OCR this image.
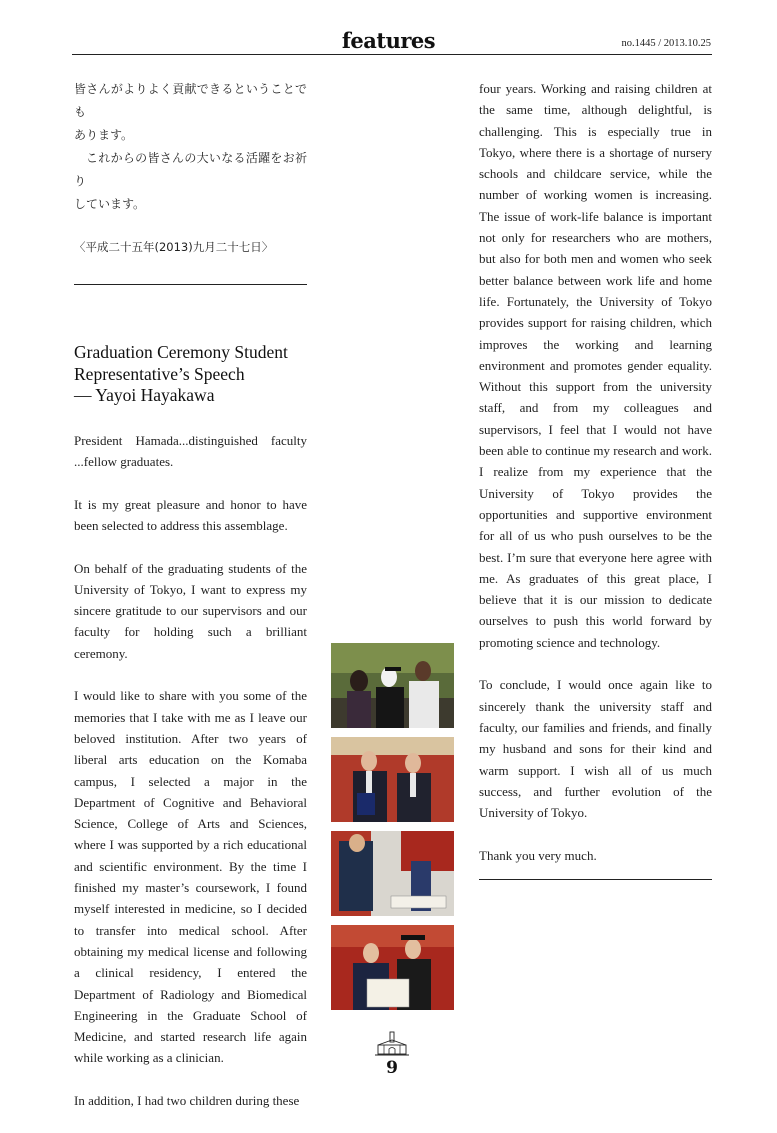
features	no.1445 / 2013.10.25
皆さんがよりよく貢献できるということでも
あります。
これからの皆さんの大いなる活躍をお祈り
しています。
〈平成二十五年(2013)九月二十七日〉
Graduation Ceremony Student
Representative’s Speech
— Yayoi Hayakawa

President Hamada...distinguished faculty ...fellow graduates.

It is my great pleasure and honor to have been selected to address this assemblage.

On behalf of the graduating students of the University of Tokyo, I want to express my sincere gratitude to our supervisors and our faculty for holding such a brilliant ceremony.

I would like to share with you some of the memories that I take with me as I leave our beloved institution. After two years of liberal arts education on the Komaba campus, I selected a major in the Department of Cognitive and Behavioral Science, College of Arts and Sciences, where I was supported by a rich educational and scientific environment. By the time I finished my master’s coursework, I found myself interested in medicine, so I decided to transfer into medical school. After obtaining my medical license and following a clinical residency, I entered the Department of Radiology and Biomedical Engineering in the Graduate School of Medicine, and started research life again while working as a clinician.

In addition, I had two children during these

four years. Working and raising children at the same time, although delightful, is challenging. This is especially true in Tokyo, where there is a shortage of nursery schools and childcare service, while the number of working women is increasing. The issue of work-life balance is important not only for researchers who are mothers, but also for both men and women who seek better balance between work life and home life. Fortunately, the University of Tokyo provides support for raising children, which improves the working and learning environment and promotes gender equality. Without this support from the university staff, and from my colleagues and supervisors, I feel that I would not have been able to continue my research and work. I realize from my experience that the University of Tokyo provides the opportunities and supportive environment for all of us who push ourselves to be the best. I’m sure that everyone here agree with me. As graduates of this great place, I believe that it is our mission to dedicate ourselves to push this world forward by promoting science and technology.

To conclude, I would once again like to sincerely thank the university staff and faculty, our families and friends, and finally my husband and sons for their kind and warm support. I wish all of us much success, and further evolution of the University of Tokyo.

Thank you very much.

9
